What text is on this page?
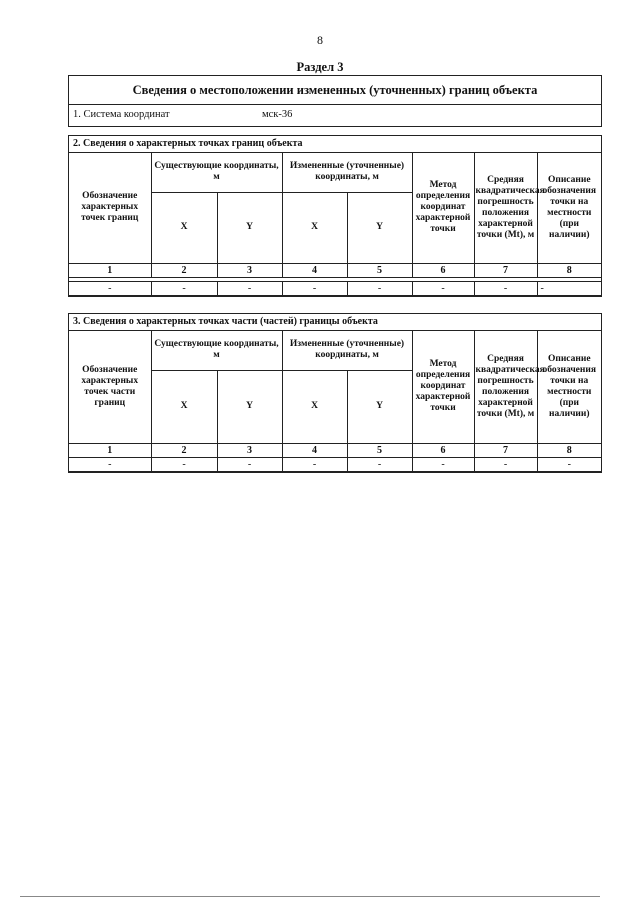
8
Раздел 3
Сведения о местоположении измененных (уточненных) границ объекта
1. Система координат	мск-36
2. Сведения о характерных точках границ объекта
Обозначение характерных точек границ	Существующие координаты, м		Измененные (уточненные) координаты, м		Метод определения координат характерной точки	Средняя квадратическая погрешность положения характерной точки (Mt), м	Описание обозначения точки на местности (при наличии)
	X	Y	X	Y			
1	2	3	4	5	6	7	8

-	-	-	-	-	-	-	-
3. Сведения о характерных точках части (частей) границы объекта
Обозначение характерных точек части границ	Существующие координаты, м		Измененные (уточненные) координаты, м		Метод определения координат характерной точки	Средняя квадратическая погрешность положения характерной точки (Mt), м	Описание обозначения точки на местности (при наличии)
	X	Y	X	Y			
1	2	3	4	5	6	7	8
-	-	-	-	-	-	-	-
